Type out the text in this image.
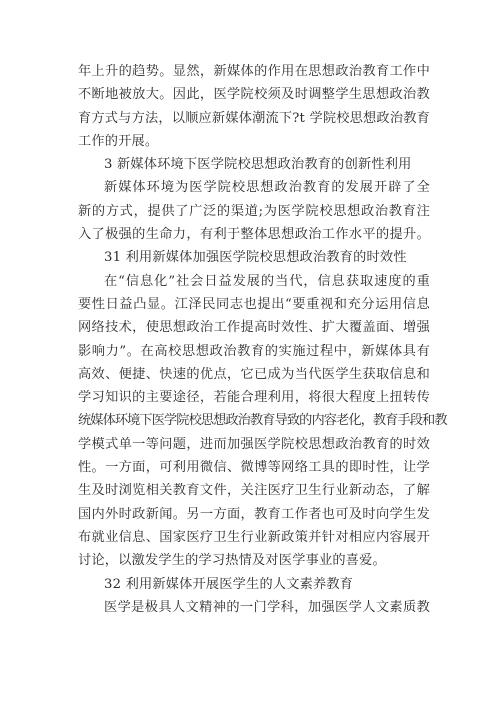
年上升的趋势。显然，新媒体的作用在思想政治教育工作中
不断地被放大。因此，医学院校须及时调整学生思想政治教
育方式与方法，以顺应新媒体潮流下?t 学院校思想政治教育
工作的开展。
3 新媒体环境下医学院校思想政治教育的创新性利用
新媒体环境为医学院校思想政治教育的发展开辟了全
新的方式，提供了广泛的渠道;为医学院校思想政治教育注
入了极强的生命力，有利于整体思想政治工作水平的提升。
31 利用新媒体加强医学院校思想政治教育的时效性
在“信息化”社会日益发展的当代，信息获取速度的重
要性日益凸显。江泽民同志也提出“要重视和充分运用信息
网络技术，使思想政治工作提高时效性、扩大覆盖面、增强
影响力”。在高校思想政治教育的实施过程中，新媒体具有
高效、便捷、快速的优点，它已成为当代医学生获取信息和
学习知识的主要途径，若能合理利用，将很大程度上扭转传
统媒体环境下医学院校思想政治教育导致的内容老化，教育手段和教
学模式单一等问题，进而加强医学院校思想政治教育的时效
性。一方面，可利用微信、微博等网络工具的即时性，让学
生及时浏览相关教育文件，关注医疗卫生行业新动态，了解
国内外时政新闻。另一方面，教育工作者也可及时向学生发
布就业信息、国家医疗卫生行业新政策并针对相应内容展开
讨论，以激发学生的学习热情及对医学事业的喜爱。
32 利用新媒体开展医学生的人文素养教育
医学是极具人文精神的一门学科，加强医学人文素质教
